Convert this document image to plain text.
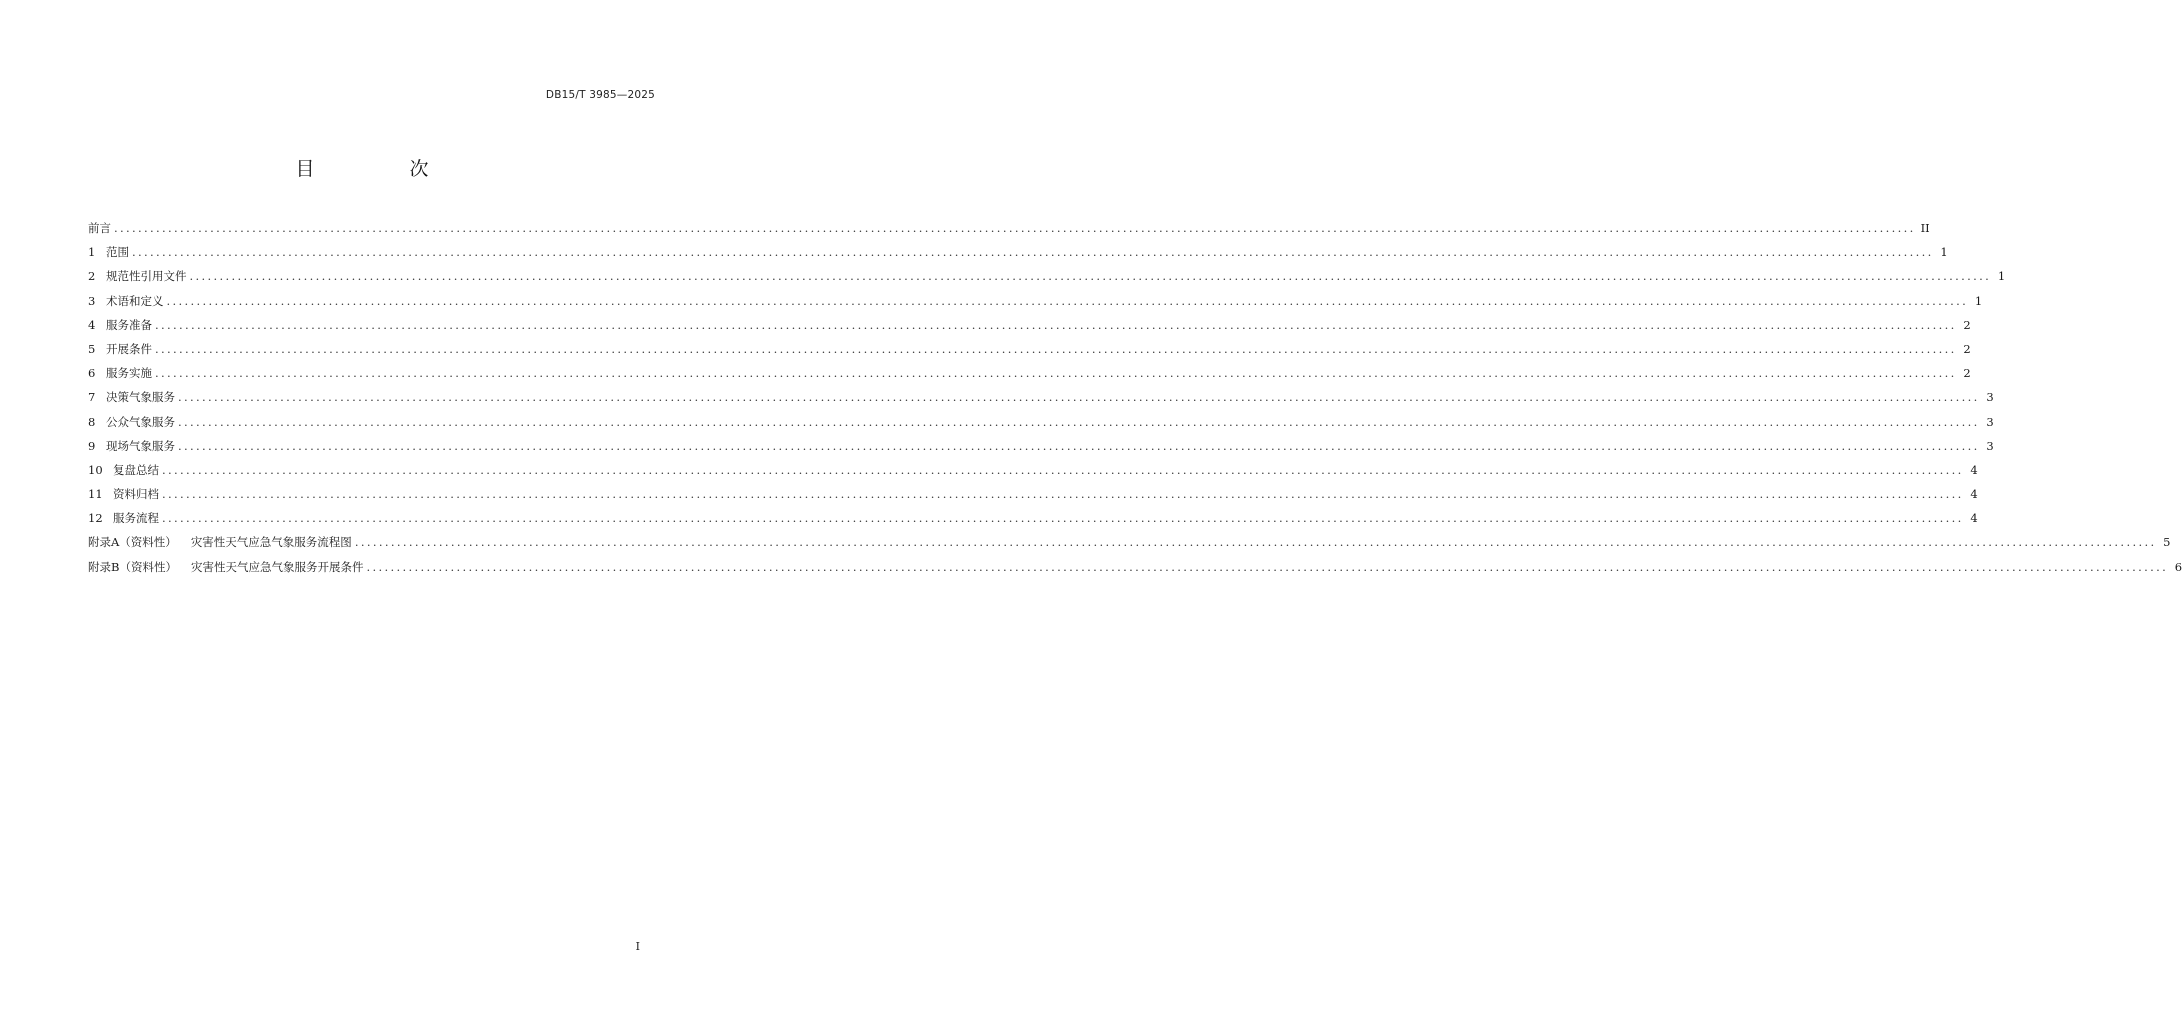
DB15/T 3985—2025
目　次
前言 ............................................................................................................................................................................................................................................................................................................ II
1 范围 ............................................................................................................................................................................................................................................................................................................ 1
2 规范性引用文件 ............................................................................................................................................................................................................................................................................................................ 1
3 术语和定义 ............................................................................................................................................................................................................................................................................................................ 1
4 服务准备 ............................................................................................................................................................................................................................................................................................................ 2
5 开展条件 ............................................................................................................................................................................................................................................................................................................ 2
6 服务实施 ............................................................................................................................................................................................................................................................................................................ 2
7 决策气象服务 ............................................................................................................................................................................................................................................................................................................ 3
8 公众气象服务 ............................................................................................................................................................................................................................................................................................................ 3
9 现场气象服务 ............................................................................................................................................................................................................................................................................................................ 3
10 复盘总结 ............................................................................................................................................................................................................................................................................................................ 4
11 资料归档 ............................................................................................................................................................................................................................................................................................................ 4
12 服务流程 ............................................................................................................................................................................................................................................................................................................ 4
附录A（资料性） 灾害性天气应急气象服务流程图 ............................................................................................................................................................................................................................................................................................................ 5
附录B（资料性） 灾害性天气应急气象服务开展条件 ............................................................................................................................................................................................................................................................................................................ 6
I
